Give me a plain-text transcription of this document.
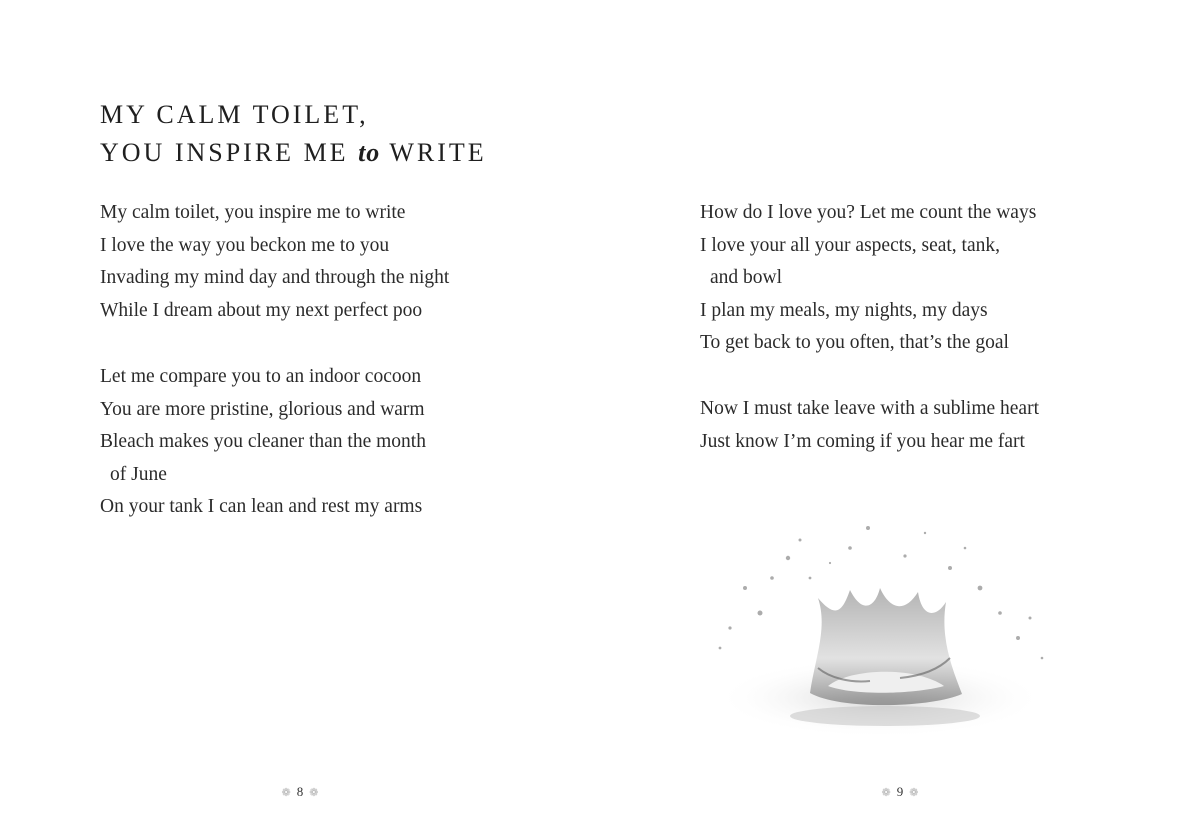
MY CALM TOILET,
YOU INSPIRE ME to WRITE
My calm toilet, you inspire me to write
I love the way you beckon me to you
Invading my mind day and through the night
While I dream about my next perfect poo
Let me compare you to an indoor cocoon
You are more pristine, glorious and warm
Bleach makes you cleaner than the month
of June
On your tank I can lean and rest my arms
❁ 8 ❁
How do I love you? Let me count the ways
I love your all your aspects, seat, tank,
and bowl
I plan my meals, my nights, my days
To get back to you often, that’s the goal
Now I must take leave with a sublime heart
Just know I’m coming if you hear me fart
❁ 9 ❁
